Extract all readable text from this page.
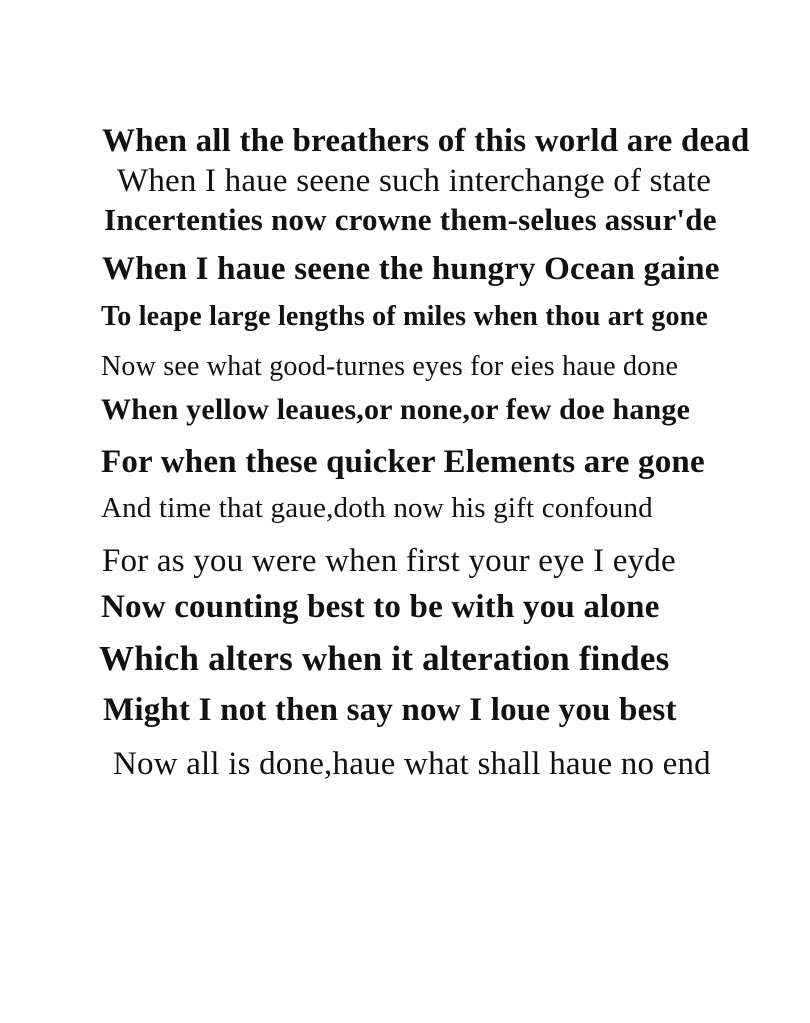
When all the breathers of this world are dead
When I haue seene such interchange of state
Incertenties now crowne them-selues assur'de
When I haue seene the hungry Ocean gaine
To leape large lengths of miles when thou art gone
Now see what good-turnes eyes for eies haue done
When yellow leaues,or none,or few doe hange
For when these quicker Elements are gone
And time that gaue,doth now his gift confound
For as you were when first your eye I eyde
Now counting best to be with you alone
Which alters when it alteration findes
Might I not then say now I loue you best
Now all is done,haue what shall haue no end
